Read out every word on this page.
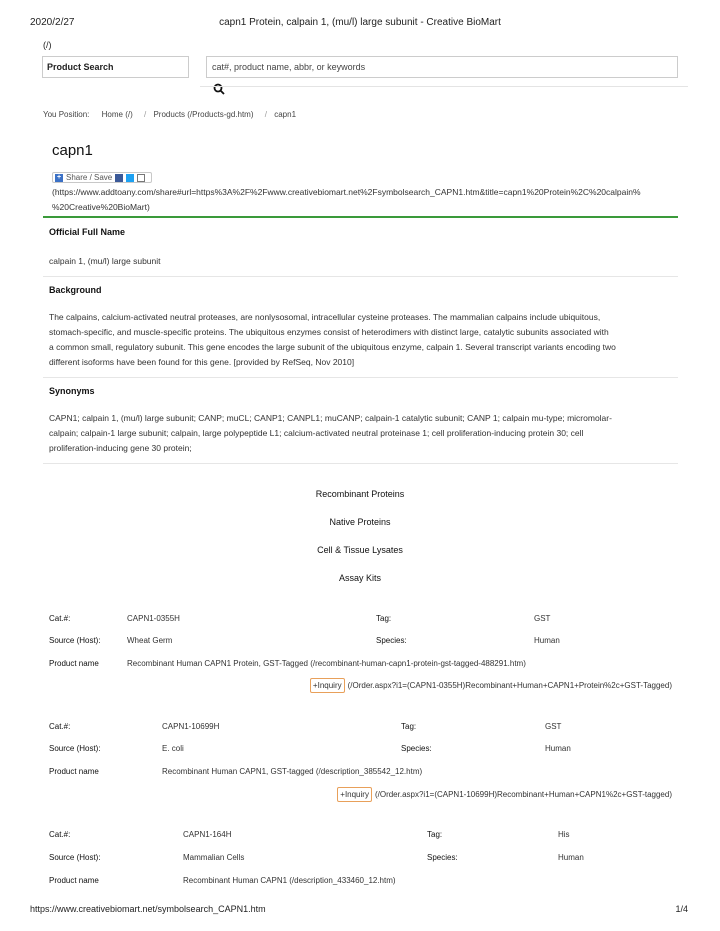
2020/2/27	capn1 Protein, calpain 1, (mu/l) large subunit - Creative BioMart
(/)
Product Search	cat#, product name, abbr, or keywords
You Position: Home (/) / Products (/Products-gd.htm) / capn1
capn1
+ Share / Save
(https://www.addtoany.com/share#url=https%3A%2F%2Fwww.creativebiomart.net%2Fsymbolsearch_CAPN1.htm&title=capn1%20Protein%2C%20calpain%
%20Creative%20BioMart)
Official Full Name
calpain 1, (mu/l) large subunit
Background
The calpains, calcium-activated neutral proteases, are nonlysosomal, intracellular cysteine proteases. The mammalian calpains include ubiquitous,
stomach-specific, and muscle-specific proteins. The ubiquitous enzymes consist of heterodimers with distinct large, catalytic subunits associated with
a common small, regulatory subunit. This gene encodes the large subunit of the ubiquitous enzyme, calpain 1. Several transcript variants encoding two
different isoforms have been found for this gene. [provided by RefSeq, Nov 2010]
Synonyms
CAPN1; calpain 1, (mu/l) large subunit; CANP; muCL; CANP1; CANPL1; muCANP; calpain-1 catalytic subunit; CANP 1; calpain mu-type; micromolar-
calpain; calpain-1 large subunit; calpain, large polypeptide L1; calcium-activated neutral proteinase 1; cell proliferation-inducing protein 30; cell
proliferation-inducing gene 30 protein;
Recombinant Proteins
Native Proteins
Cell & Tissue Lysates
Assay Kits
Cat.#:	CAPN1-0355H	Tag:	GST
Source (Host):	Wheat Germ	Species:	Human
Product name	Recombinant Human CAPN1 Protein, GST-Tagged (/recombinant-human-capn1-protein-gst-tagged-488291.htm)
+Inquiry (/Order.aspx?i1=(CAPN1-0355H)Recombinant+Human+CAPN1+Protein%2c+GST-Tagged)
Cat.#:	CAPN1-10699H	Tag:	GST
Source (Host):	E. coli	Species:	Human
Product name	Recombinant Human CAPN1, GST-tagged (/description_385542_12.htm)
+Inquiry (/Order.aspx?i1=(CAPN1-10699H)Recombinant+Human+CAPN1%2c+GST-tagged)
Cat.#:	CAPN1-164H	Tag:	His
Source (Host):	Mammalian Cells	Species:	Human
Product name	Recombinant Human CAPN1 (/description_433460_12.htm)
https://www.creativebiomart.net/symbolsearch_CAPN1.htm	1/4
